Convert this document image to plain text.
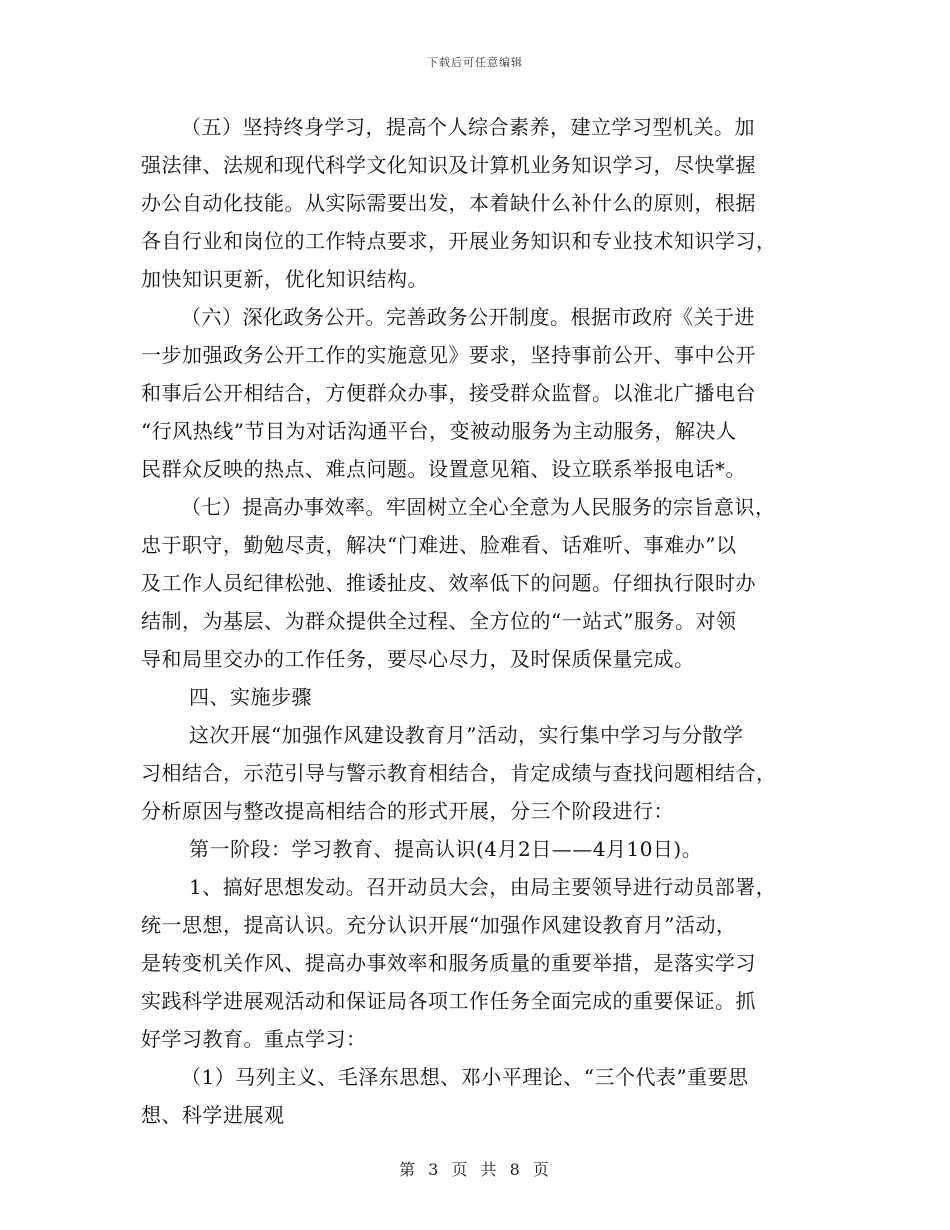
下载后可任意编辑
（五）坚持终身学习，提高个人综合素养，建立学习型机关。加
强法律、法规和现代科学文化知识及计算机业务知识学习，尽快掌握
办公自动化技能。从实际需要出发，本着缺什么补什么的原则，根据
各自行业和岗位的工作特点要求，开展业务知识和专业技术知识学习，
加快知识更新，优化知识结构。
（六）深化政务公开。完善政务公开制度。根据市政府《关于进
一步加强政务公开工作的实施意见》要求，坚持事前公开、事中公开
和事后公开相结合，方便群众办事，接受群众监督。以淮北广播电台
“行风热线”节目为对话沟通平台，变被动服务为主动服务，解决人
民群众反映的热点、难点问题。设置意见箱、设立联系举报电话*。
（七）提高办事效率。牢固树立全心全意为人民服务的宗旨意识，
忠于职守，勤勉尽责，解决“门难进、脸难看、话难听、事难办”以
及工作人员纪律松弛、推诿扯皮、效率低下的问题。仔细执行限时办
结制，为基层、为群众提供全过程、全方位的“一站式”服务。对领
导和局里交办的工作任务，要尽心尽力，及时保质保量完成。
四、实施步骤
这次开展“加强作风建设教育月”活动，实行集中学习与分散学
习相结合，示范引导与警示教育相结合，肯定成绩与查找问题相结合，
分析原因与整改提高相结合的形式开展，分三个阶段进行：
第一阶段：学习教育、提高认识(4月2日——4月10日)。
1、搞好思想发动。召开动员大会，由局主要领导进行动员部署，
统一思想，提高认识。充分认识开展“加强作风建设教育月”活动，
是转变机关作风、提高办事效率和服务质量的重要举措，是落实学习
实践科学进展观活动和保证局各项工作任务全面完成的重要保证。抓
好学习教育。重点学习：
（1）马列主义、毛泽东思想、邓小平理论、“三个代表”重要思
想、科学进展观
第 3 页 共 8 页
